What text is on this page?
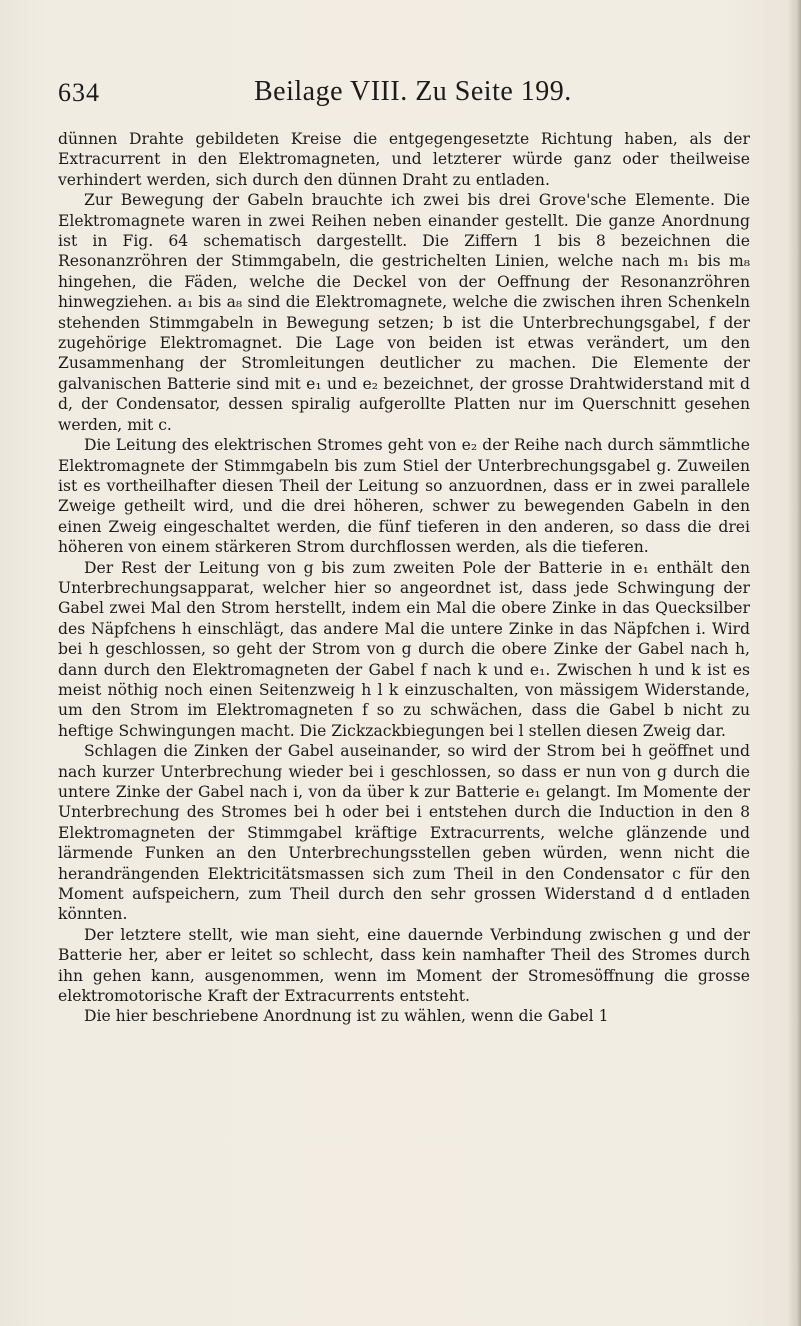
634	Beilage VIII. Zu Seite 199.

dünnen Drahte gebildeten Kreise die entgegengesetzte Richtung haben, als der Extracurrent in den Elektromagneten, und letzterer würde ganz oder theilweise verhindert werden, sich durch den dünnen Draht zu entladen.

Zur Bewegung der Gabeln brauchte ich zwei bis drei Grove'sche Elemente. Die Elektromagnete waren in zwei Reihen neben einander gestellt. Die ganze Anordnung ist in Fig. 64 schematisch dargestellt. Die Ziffern 1 bis 8 bezeichnen die Resonanzröhren der Stimmgabeln, die gestrichelten Linien, welche nach m₁ bis m₈ hingehen, die Fäden, welche die Deckel von der Oeffnung der Resonanzröhren hinwegziehen. a₁ bis a₈ sind die Elektromagnete, welche die zwischen ihren Schenkeln stehenden Stimmgabeln in Bewegung setzen; b ist die Unterbrechungsgabel, f der zugehörige Elektromagnet. Die Lage von beiden ist etwas verändert, um den Zusammenhang der Stromleitungen deutlicher zu machen. Die Elemente der galvanischen Batterie sind mit e₁ und e₂ bezeichnet, der grosse Drahtwiderstand mit d d, der Condensator, dessen spiralig aufgerollte Platten nur im Querschnitt gesehen werden, mit c.

Die Leitung des elektrischen Stromes geht von e₂ der Reihe nach durch sämmtliche Elektromagnete der Stimmgabeln bis zum Stiel der Unterbrechungsgabel g. Zuweilen ist es vortheilhafter diesen Theil der Leitung so anzuordnen, dass er in zwei parallele Zweige getheilt wird, und die drei höheren, schwer zu bewegenden Gabeln in den einen Zweig eingeschaltet werden, die fünf tieferen in den anderen, so dass die drei höheren von einem stärkeren Strom durchflossen werden, als die tieferen.

Der Rest der Leitung von g bis zum zweiten Pole der Batterie in e₁ enthält den Unterbrechungsapparat, welcher hier so angeordnet ist, dass jede Schwingung der Gabel zwei Mal den Strom herstellt, indem ein Mal die obere Zinke in das Quecksilber des Näpfchens h einschlägt, das andere Mal die untere Zinke in das Näpfchen i. Wird bei h geschlossen, so geht der Strom von g durch die obere Zinke der Gabel nach h, dann durch den Elektromagneten der Gabel f nach k und e₁. Zwischen h und k ist es meist nöthig noch einen Seitenzweig h l k einzuschalten, von mässigem Widerstande, um den Strom im Elektromagneten f so zu schwächen, dass die Gabel b nicht zu heftige Schwingungen macht. Die Zickzackbiegungen bei l stellen diesen Zweig dar.

Schlagen die Zinken der Gabel auseinander, so wird der Strom bei h geöffnet und nach kurzer Unterbrechung wieder bei i geschlossen, so dass er nun von g durch die untere Zinke der Gabel nach i, von da über k zur Batterie e₁ gelangt. Im Momente der Unterbrechung des Stromes bei h oder bei i entstehen durch die Induction in den 8 Elektromagneten der Stimmgabel kräftige Extracurrents, welche glänzende und lärmende Funken an den Unterbrechungsstellen geben würden, wenn nicht die herandrängenden Elektricitätsmassen sich zum Theil in den Condensator c für den Moment aufspeichern, zum Theil durch den sehr grossen Widerstand d d entladen könnten.

Der letztere stellt, wie man sieht, eine dauernde Verbindung zwischen g und der Batterie her, aber er leitet so schlecht, dass kein namhafter Theil des Stromes durch ihn gehen kann, ausgenommen, wenn im Moment der Stromesöffnung die grosse elektromotorische Kraft der Extracurrents entsteht.

Die hier beschriebene Anordnung ist zu wählen, wenn die Gabel 1
